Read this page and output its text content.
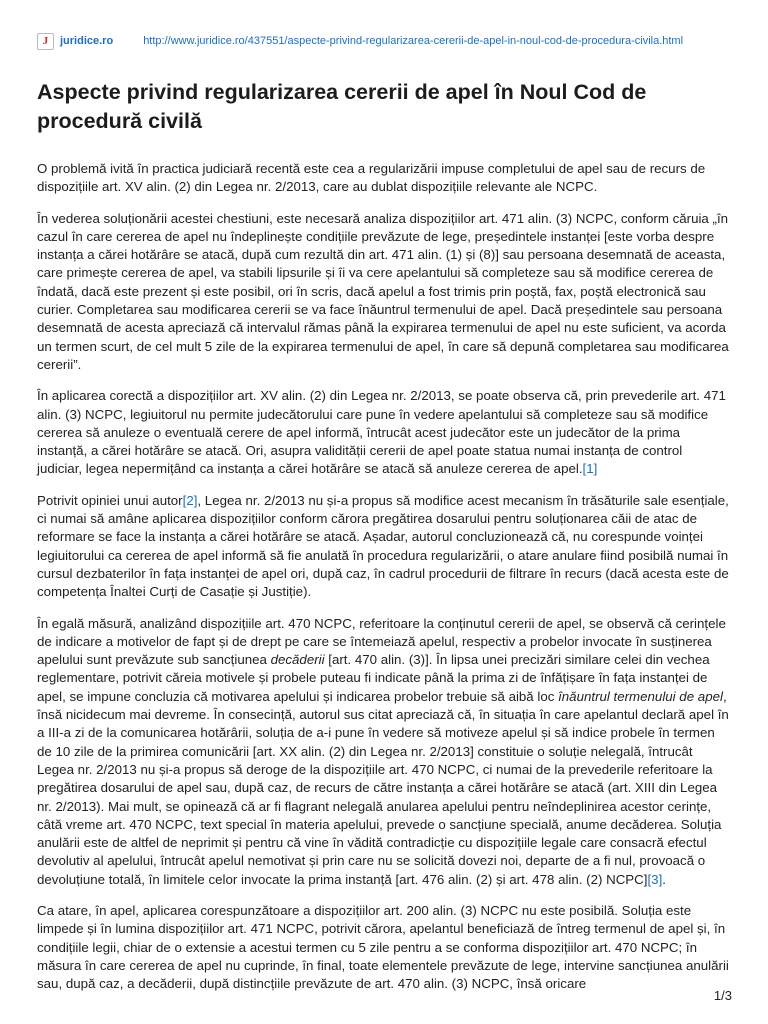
J juridice.ro	http://www.juridice.ro/437551/aspecte-privind-regularizarea-cererii-de-apel-in-noul-cod-de-procedura-civila.html
Aspecte privind regularizarea cererii de apel în Noul Cod de procedură civilă

O problemă ivită în practica judiciară recentă este cea a regularizării impuse completului de apel sau de recurs de dispozițiile art. XV alin. (2) din Legea nr. 2/2013, care au dublat dispozițiile relevante ale NCPC.

În vederea soluționării acestei chestiuni, este necesară analiza dispozițiilor art. 471 alin. (3) NCPC, conform căruia „în cazul în care cererea de apel nu îndeplinește condițiile prevăzute de lege, președintele instanței [este vorba despre instanța a cărei hotărâre se atacă, după cum rezultă din art. 471 alin. (1) și (8)] sau persoana desemnată de aceasta, care primește cererea de apel, va stabili lipsurile și îi va cere apelantului să completeze sau să modifice cererea de îndată, dacă este prezent și este posibil, ori în scris, dacă apelul a fost trimis prin poștă, fax, poștă electronică sau curier. Completarea sau modificarea cererii se va face înăuntrul termenului de apel. Dacă președintele sau persoana desemnată de acesta apreciază că intervalul rămas până la expirarea termenului de apel nu este suficient, va acorda un termen scurt, de cel mult 5 zile de la expirarea termenului de apel, în care să depună completarea sau modificarea cererii”.

În aplicarea corectă a dispozițiilor art. XV alin. (2) din Legea nr. 2/2013, se poate observa că, prin prevederile art. 471 alin. (3) NCPC, legiuitorul nu permite judecătorului care pune în vedere apelantului să completeze sau să modifice cererea să anuleze o eventuală cerere de apel informă, întrucât acest judecător este un judecător de la prima instanță, a cărei hotărâre se atacă. Ori, asupra validității cererii de apel poate statua numai instanța de control judiciar, legea nepermițând ca instanța a cărei hotărâre se atacă să anuleze cererea de apel.[1]

Potrivit opiniei unui autor[2], Legea nr. 2/2013 nu și-a propus să modifice acest mecanism în trăsăturile sale esențiale, ci numai să amâne aplicarea dispozițiilor conform cărora pregătirea dosarului pentru soluționarea căii de atac de reformare se face la instanța a cărei hotărâre se atacă. Așadar, autorul concluzionează că, nu corespunde voinței legiuitorului ca cererea de apel informă să fie anulată în procedura regularizării, o atare anulare fiind posibilă numai în cursul dezbaterilor în fața instanței de apel ori, după caz, în cadrul procedurii de filtrare în recurs (dacă acesta este de competența Înaltei Curți de Casație și Justiție).

În egală măsură, analizând dispozițiile art. 470 NCPC, referitoare la conținutul cererii de apel, se observă că cerințele de indicare a motivelor de fapt și de drept pe care se întemeiază apelul, respectiv a probelor invocate în susținerea apelului sunt prevăzute sub sancțiunea decăderii [art. 470 alin. (3)]. În lipsa unei precizări similare celei din vechea reglementare, potrivit căreia motivele și probele puteau fi indicate până la prima zi de înfățișare în fața instanței de apel, se impune concluzia că motivarea apelului și indicarea probelor trebuie să aibă loc înăuntrul termenului de apel, însă nicidecum mai devreme. În consecință, autorul sus citat apreciază că, în situația în care apelantul declară apel în a III-a zi de la comunicarea hotărârii, soluția de a-i pune în vedere să motiveze apelul și să indice probele în termen de 10 zile de la primirea comunicării [art. XX alin. (2) din Legea nr. 2/2013] constituie o soluție nelegală, întrucât Legea nr. 2/2013 nu și-a propus să deroge de la dispozițiile art. 470 NCPC, ci numai de la prevederile referitoare la pregătirea dosarului de apel sau, după caz, de recurs de către instanța a cărei hotărâre se atacă (art. XIII din Legea nr. 2/2013). Mai mult, se opinează că ar fi flagrant nelegală anularea apelului pentru neîndeplinirea acestor cerințe, câtă vreme art. 470 NCPC, text special în materia apelului, prevede o sancțiune specială, anume decăderea. Soluția anulării este de altfel de neprimit și pentru că vine în vădită contradicție cu dispozițiile legale care consacră efectul devolutiv al apelului, întrucât apelul nemotivat și prin care nu se solicită dovezi noi, departe de a fi nul, provoacă o devoluțiune totală, în limitele celor invocate la prima instanță [art. 476 alin. (2) și art. 478 alin. (2) NCPC][3].

Ca atare, în apel, aplicarea corespunzătoare a dispozițiilor art. 200 alin. (3) NCPC nu este posibilă. Soluția este limpede și în lumina dispozițiilor art. 471 NCPC, potrivit cărora, apelantul beneficiază de întreg termenul de apel și, în condițiile legii, chiar de o extensie a acestui termen cu 5 zile pentru a se conforma dispozițiilor art. 470 NCPC; în măsura în care cererea de apel nu cuprinde, în final, toate elementele prevăzute de lege, intervine sancțiunea anulării sau, după caz, a decăderii, după distincțiile prevăzute de art. 470 alin. (3) NCPC, însă oricare

1/3
